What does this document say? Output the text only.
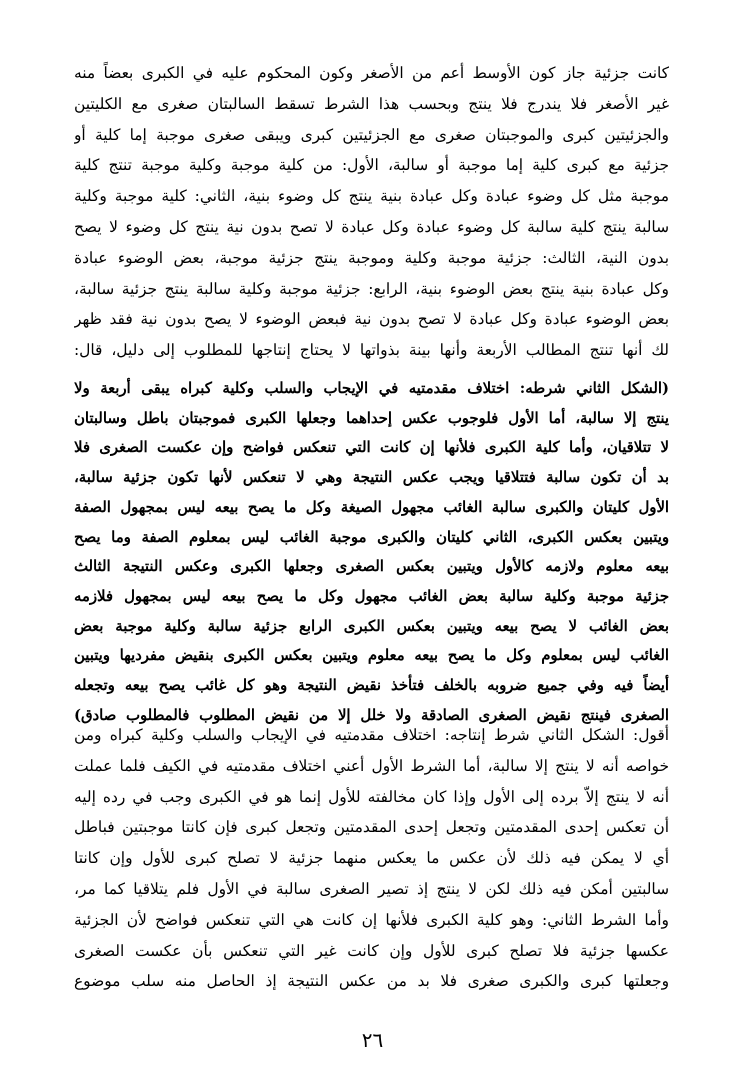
كانت جزئية جاز كون الأوسط أعم من الأصغر وكون المحكوم عليه في الكبرى بعضاً منه
غير الأصغر فلا يندرج فلا ينتج وبحسب هذا الشرط تسقط السالبتان صغرى مع الكليتين
والجزئيتين كبرى والموجبتان صغرى مع الجزئيتين كبرى ويبقى صغرى موجبة إما كلية أو
جزئية مع كبرى كلية إما موجبة أو سالبة، الأول: من كلية موجبة وكلية موجبة تنتج كلية
موجبة مثل كل وضوء عبادة وكل عبادة بنية ينتج كل وضوء بنية، الثاني: كلية موجبة وكلية
سالبة ينتج كلية سالبة كل وضوء عبادة وكل عبادة لا تصح بدون نية ينتج كل وضوء لا يصح
بدون النية، الثالث: جزئية موجبة وكلية وموجبة ينتج جزئية موجبة، بعض الوضوء عبادة
وكل عبادة بنية ينتج بعض الوضوء بنية، الرابع: جزئية موجبة وكلية سالبة ينتج جزئية سالبة،
بعض الوضوء عبادة وكل عبادة لا تصح بدون نية فبعض الوضوء لا يصح بدون نية فقد ظهر
لك أنها تنتج المطالب الأربعة وأنها بينة بذواتها لا يحتاج إنتاجها للمطلوب إلى دليل، قال:
(الشكل الثاني شرطه: اختلاف مقدمتيه في الإيجاب والسلب وكلية كبراه يبقى أربعة ولا
ينتج إلا سالبة، أما الأول فلوجوب عكس إحداهما وجعلها الكبرى فموجبتان باطل وسالبتان
لا تتلاقيان، وأما كلية الكبرى فلأنها إن كانت التي تنعكس فواضح وإن عكست الصغرى فلا
بد أن تكون سالبة فتتلاقيا ويجب عكس النتيجة وهي لا تنعكس لأنها تكون جزئية سالبة،
الأول كليتان والكبرى سالبة الغائب مجهول الصيغة وكل ما يصح بيعه ليس بمجهول الصفة
ويتبين بعكس الكبرى، الثاني كليتان والكبرى موجبة الغائب ليس بمعلوم الصفة وما يصح
بيعه معلوم ولازمه كالأول ويتبين بعكس الصغرى وجعلها الكبرى وعكس النتيجة الثالث
جزئية موجبة وكلية سالبة بعض الغائب مجهول وكل ما يصح بيعه ليس بمجهول فلازمه
بعض الغائب لا يصح بيعه ويتبين بعكس الكبرى الرابع جزئية سالبة وكلية موجبة بعض
الغائب ليس بمعلوم وكل ما يصح بيعه معلوم ويتبين بعكس الكبرى بنقيض مفرديها ويتبين
أيضاً فيه وفي جميع ضروبه بالخلف فتأخذ نقيض النتيجة وهو كل غائب يصح بيعه وتجعله
الصغرى فينتج نقيض الصغرى الصادقة ولا خلل إلا من نقيض المطلوب فالمطلوب صادق)
أقول: الشكل الثاني شرط إنتاجه: اختلاف مقدمتيه في الإيجاب والسلب وكلية كبراه ومن
خواصه أنه لا ينتج إلا سالبة، أما الشرط الأول أعني اختلاف مقدمتيه في الكيف فلما عملت
أنه لا ينتج إلاّ برده إلى الأول وإذا كان مخالفته للأول إنما هو في الكبرى وجب في رده إليه
أن تعكس إحدى المقدمتين وتجعل إحدى المقدمتين وتجعل كبرى فإن كانتا موجبتين فباطل
أي لا يمكن فيه ذلك لأن عكس ما يعكس منهما جزئية لا تصلح كبرى للأول وإن كانتا
سالبتين أمكن فيه ذلك لكن لا ينتج إذ تصير الصغرى سالبة في الأول فلم يتلاقيا كما مر،
وأما الشرط الثاني: وهو كلية الكبرى فلأنها إن كانت هي التي تنعكس فواضح لأن الجزئية
عكسها جزئية فلا تصلح كبرى للأول وإن كانت غير التي تنعكس بأن عكست الصغرى
وجعلتها كبرى والكبرى صغرى فلا بد من عكس النتيجة إذ الحاصل منه سلب موضوع
٢٦
